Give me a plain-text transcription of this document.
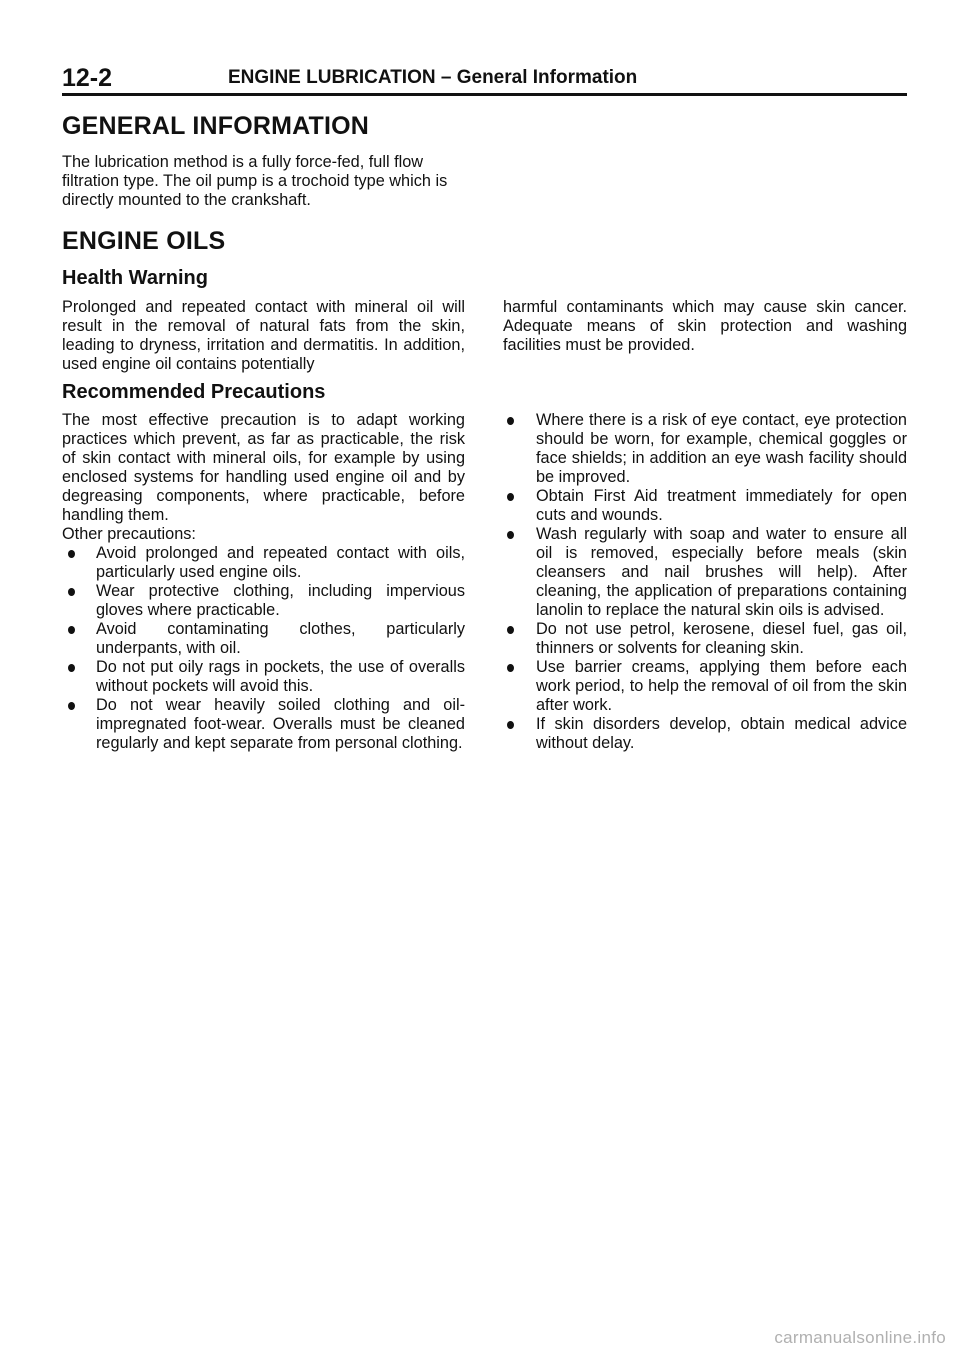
12-2	ENGINE LUBRICATION – General Information
GENERAL INFORMATION

The lubrication method is a fully force-fed, full flow filtration type. The oil pump is a trochoid type which is directly mounted to the crankshaft.

ENGINE OILS
Health Warning

Prolonged and repeated contact with mineral oil will result in the removal of natural fats from the skin, leading to dryness, irritation and dermatitis. In addition, used engine oil contains potentially

harmful contaminants which may cause skin cancer. Adequate means of skin protection and washing facilities must be provided.

Recommended Precautions

The most effective precaution is to adapt working practices which prevent, as far as practicable, the risk of skin contact with mineral oils, for example by using enclosed systems for handling used engine oil and by degreasing components, where practicable, before handling them.

Other precautions:

Avoid prolonged and repeated contact with oils, particularly used engine oils.
Wear protective clothing, including impervious gloves where practicable.
Avoid contaminating clothes, particularly underpants, with oil.
Do not put oily rags in pockets, the use of overalls without pockets will avoid this.
Do not wear heavily soiled clothing and oil-impregnated foot-wear. Overalls must be cleaned regularly and kept separate from personal clothing.
Where there is a risk of eye contact, eye protection should be worn, for example, chemical goggles or face shields; in addition an eye wash facility should be improved.
Obtain First Aid treatment immediately for open cuts and wounds.
Wash regularly with soap and water to ensure all oil is removed, especially before meals (skin cleansers and nail brushes will help). After cleaning, the application of preparations containing lanolin to replace the natural skin oils is advised.
Do not use petrol, kerosene, diesel fuel, gas oil, thinners or solvents for cleaning skin.
Use barrier creams, applying them before each work period, to help the removal of oil from the skin after work.
If skin disorders develop, obtain medical advice without delay.
carmanualsonline.info
